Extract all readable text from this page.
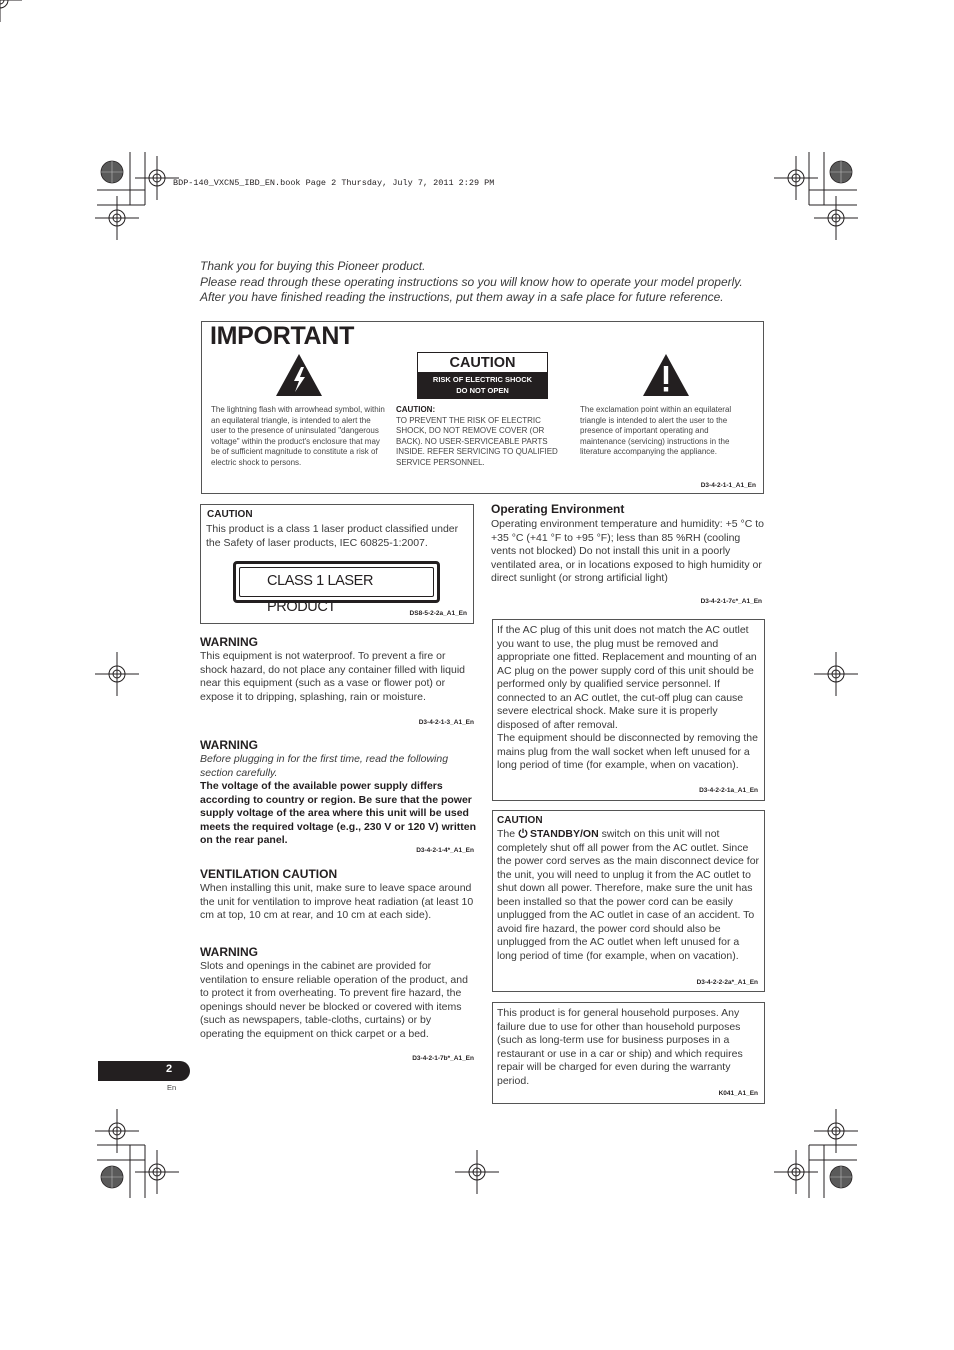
BDP-140_VXCN5_IBD_EN.book Page 2 Thursday, July 7, 2011 2:29 PM
Thank you for buying this Pioneer product.
Please read through these operating instructions so you will know how to operate your model properly.
After you have finished reading the instructions, put them away in a safe place for future reference.
IMPORTANT
The lightning flash with arrowhead symbol, within an equilateral triangle, is intended to alert the user to the presence of uninsulated "dangerous voltage" within the product's enclosure that may be of sufficient magnitude to constitute a risk of electric shock to persons.
CAUTION
RISK OF ELECTRIC SHOCK
DO NOT OPEN
CAUTION:
TO PREVENT THE RISK OF ELECTRIC SHOCK, DO NOT REMOVE COVER (OR BACK). NO USER-SERVICEABLE PARTS INSIDE. REFER SERVICING TO QUALIFIED SERVICE PERSONNEL.
The exclamation point within an equilateral triangle is intended to alert the user to the presence of important operating and maintenance (servicing) instructions in the literature accompanying the appliance.
D3-4-2-1-1_A1_En
CAUTION
This product is a class 1 laser product classified under the Safety of laser products, IEC 60825-1:2007.
CLASS 1 LASER PRODUCT	DS8-5-2-2a_A1_En
WARNING
This equipment is not waterproof. To prevent a fire or shock hazard, do not place any container filled with liquid near this equipment (such as a vase or flower pot) or expose it to dripping, splashing, rain or moisture.
D3-4-2-1-3_A1_En
WARNING
Before plugging in for the first time, read the following section carefully.
The voltage of the available power supply differs according to country or region. Be sure that the power supply voltage of the area where this unit will be used meets the required voltage (e.g., 230 V or 120 V) written on the rear panel.
D3-4-2-1-4*_A1_En
VENTILATION CAUTION
When installing this unit, make sure to leave space around the unit for ventilation to improve heat radiation (at least 10 cm at top, 10 cm at rear, and 10 cm at each side).
WARNING
Slots and openings in the cabinet are provided for ventilation to ensure reliable operation of the product, and to protect it from overheating. To prevent fire hazard, the openings should never be blocked or covered with items (such as newspapers, table-cloths, curtains) or by operating the equipment on thick carpet or a bed.
D3-4-2-1-7b*_A1_En
Operating Environment
Operating environment temperature and humidity: +5 °C to +35 °C (+41 °F to +95 °F); less than 85 %RH (cooling vents not blocked) Do not install this unit in a poorly ventilated area, or in locations exposed to high humidity or direct sunlight (or strong artificial light)
D3-4-2-1-7c*_A1_En
If the AC plug of this unit does not match the AC outlet you want to use, the plug must be removed and appropriate one fitted. Replacement and mounting of an AC plug on the power supply cord of this unit should be performed only by qualified service personnel. If connected to an AC outlet, the cut-off plug can cause severe electrical shock. Make sure it is properly disposed of after removal.
The equipment should be disconnected by removing the mains plug from the wall socket when left unused for a long period of time (for example, when on vacation).
D3-4-2-2-1a_A1_En
CAUTION
The STANDBY/ON switch on this unit will not completely shut off all power from the AC outlet. Since the power cord serves as the main disconnect device for the unit, you will need to unplug it from the AC outlet to shut down all power. Therefore, make sure the unit has been installed so that the power cord can be easily unplugged from the AC outlet in case of an accident. To avoid fire hazard, the power cord should also be unplugged from the AC outlet when left unused for a long period of time (for example, when on vacation).
D3-4-2-2-2a*_A1_En
This product is for general household purposes. Any failure due to use for other than household purposes (such as long-term use for business purposes in a restaurant or use in a car or ship) and which requires repair will be charged for even during the warranty period.
K041_A1_En
2
En
